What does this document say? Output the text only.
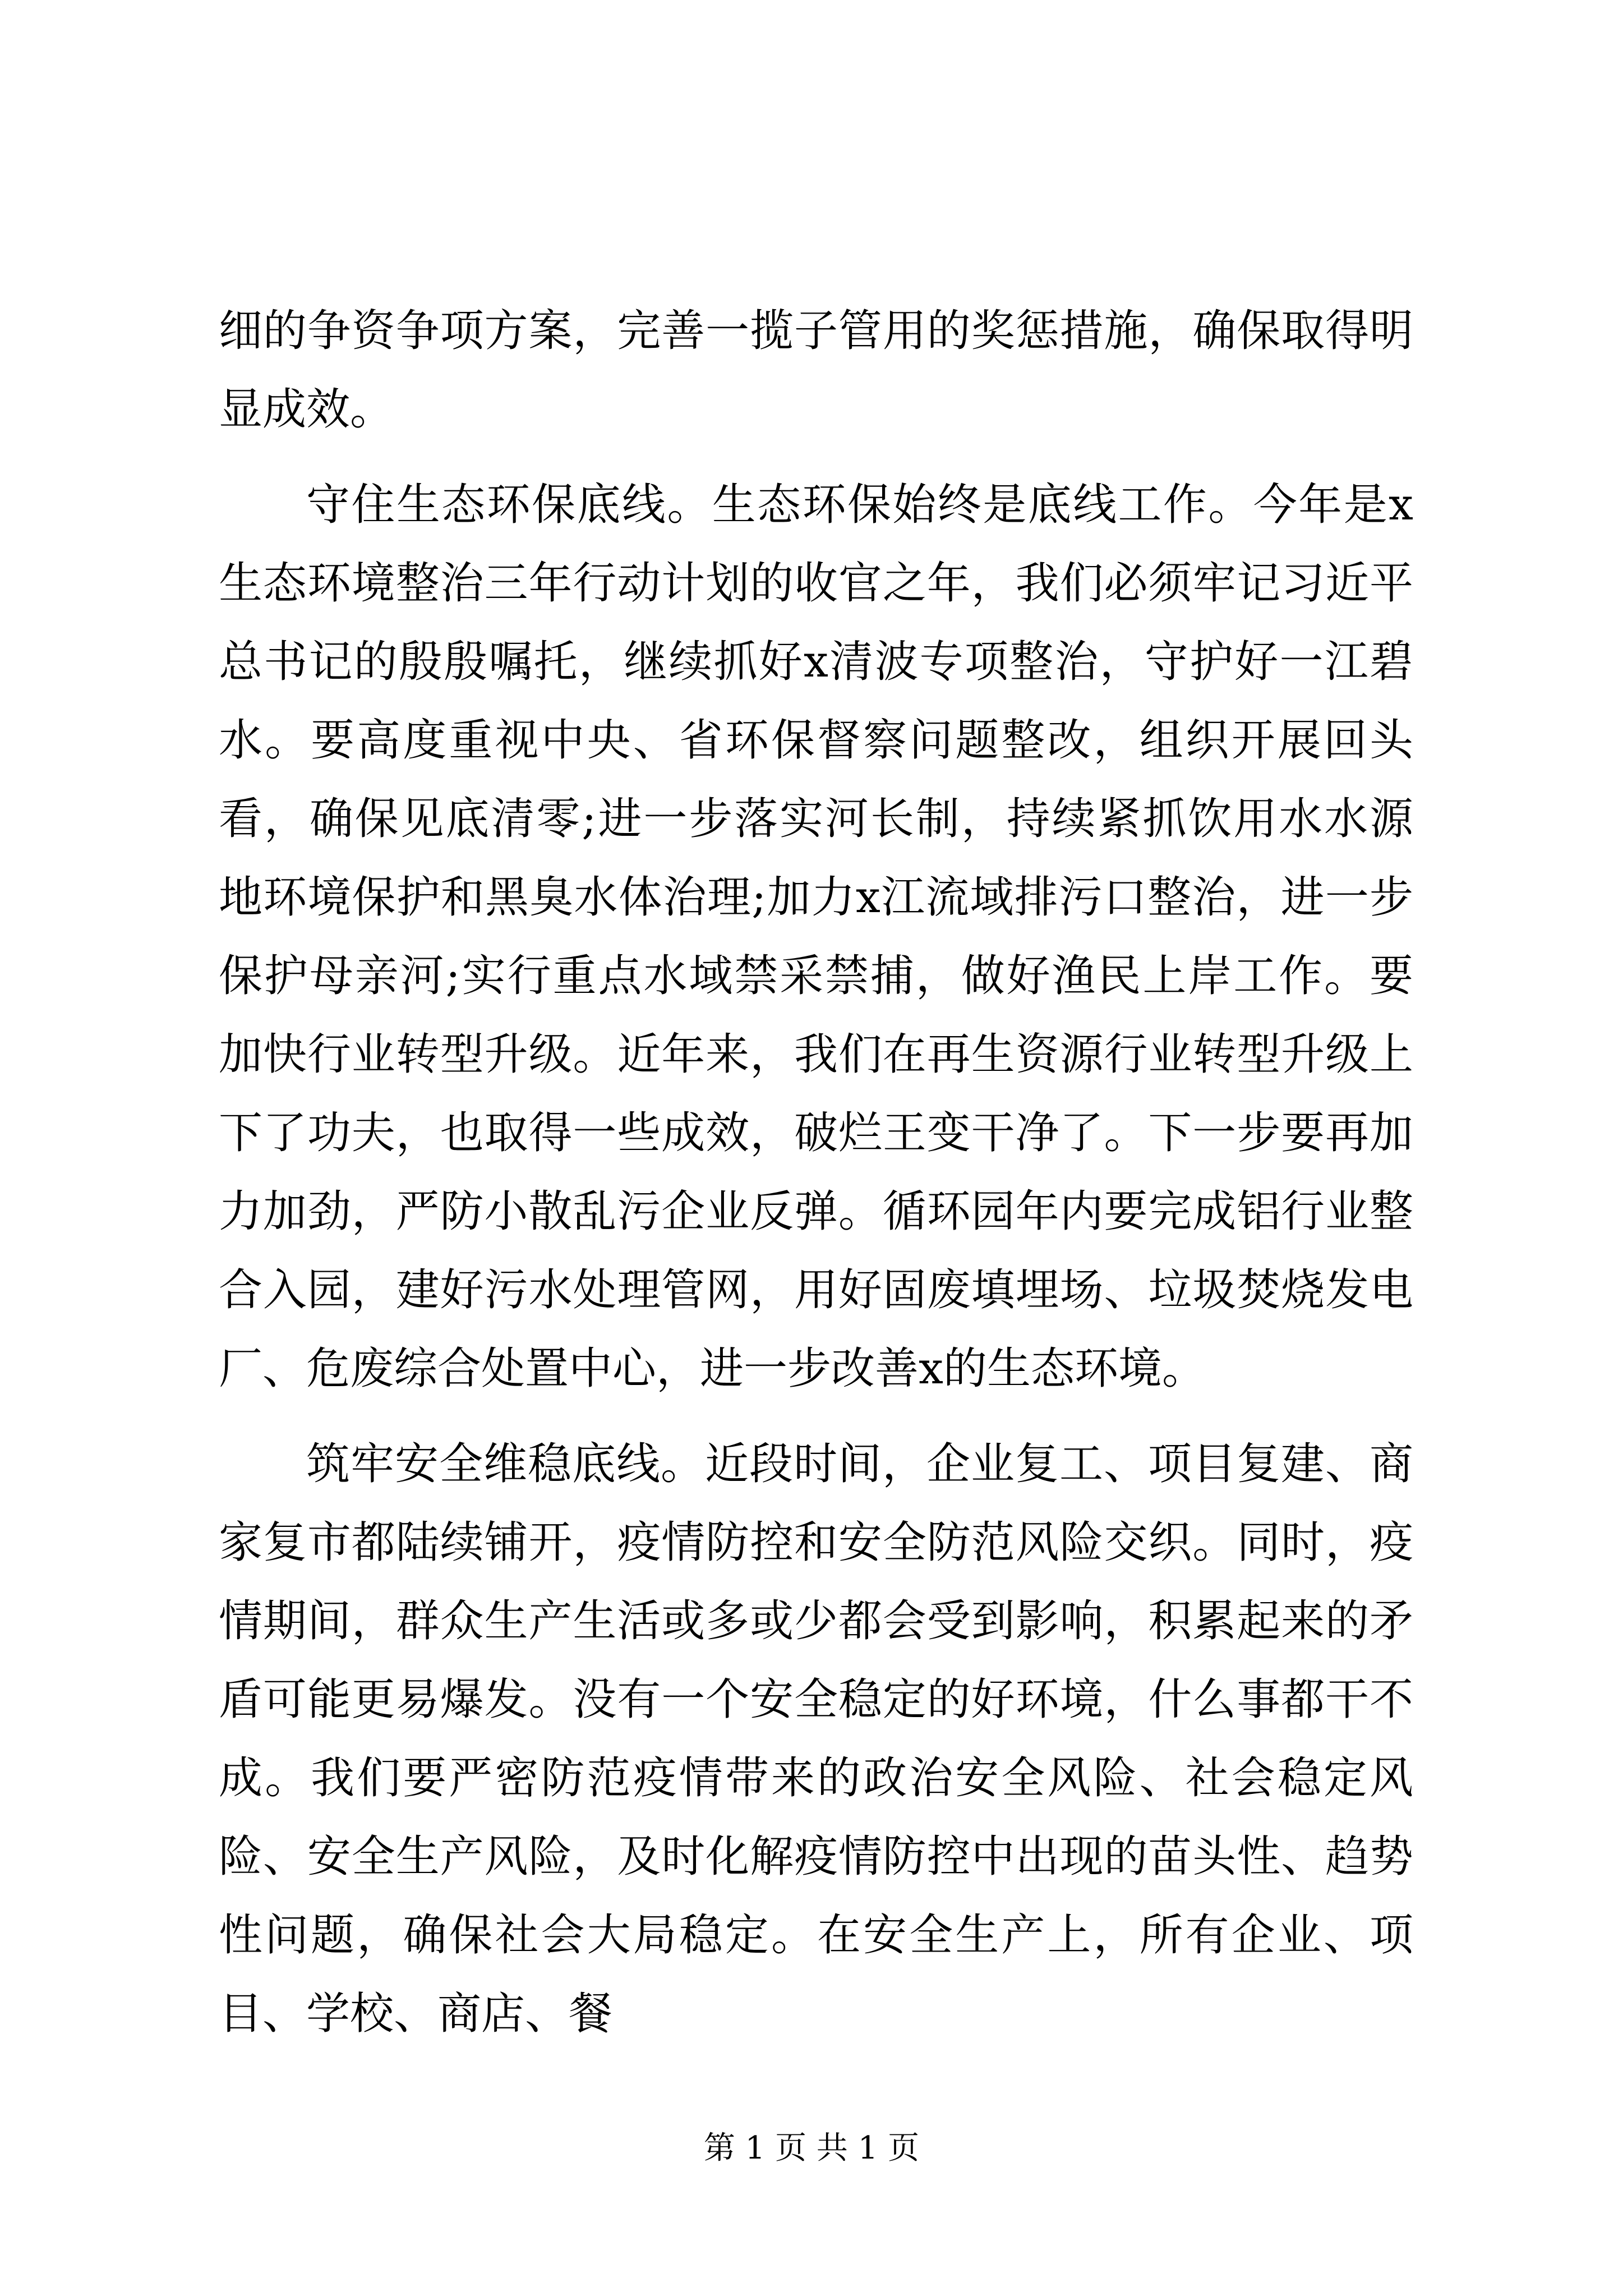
细的争资争项方案，完善一揽子管用的奖惩措施，确保取得明显成效。

守住生态环保底线。生态环保始终是底线工作。今年是x生态环境整治三年行动计划的收官之年，我们必须牢记习近平总书记的殷殷嘱托，继续抓好x清波专项整治，守护好一江碧水。要高度重视中央、省环保督察问题整改，组织开展回头看，确保见底清零;进一步落实河长制，持续紧抓饮用水水源地环境保护和黑臭水体治理;加力x江流域排污口整治，进一步保护母亲河;实行重点水域禁采禁捕，做好渔民上岸工作。要加快行业转型升级。近年来，我们在再生资源行业转型升级上下了功夫，也取得一些成效，破烂王变干净了。下一步要再加力加劲，严防小散乱污企业反弹。循环园年内要完成铝行业整合入园，建好污水处理管网，用好固废填埋场、垃圾焚烧发电厂、危废综合处置中心，进一步改善x的生态环境。

筑牢安全维稳底线。近段时间，企业复工、项目复建、商家复市都陆续铺开，疫情防控和安全防范风险交织。同时，疫情期间，群众生产生活或多或少都会受到影响，积累起来的矛盾可能更易爆发。没有一个安全稳定的好环境，什么事都干不成。我们要严密防范疫情带来的政治安全风险、社会稳定风险、安全生产风险，及时化解疫情防控中出现的苗头性、趋势性问题，确保社会大局稳定。在安全生产上，所有企业、项目、学校、商店、餐

第 1 页 共 1 页
